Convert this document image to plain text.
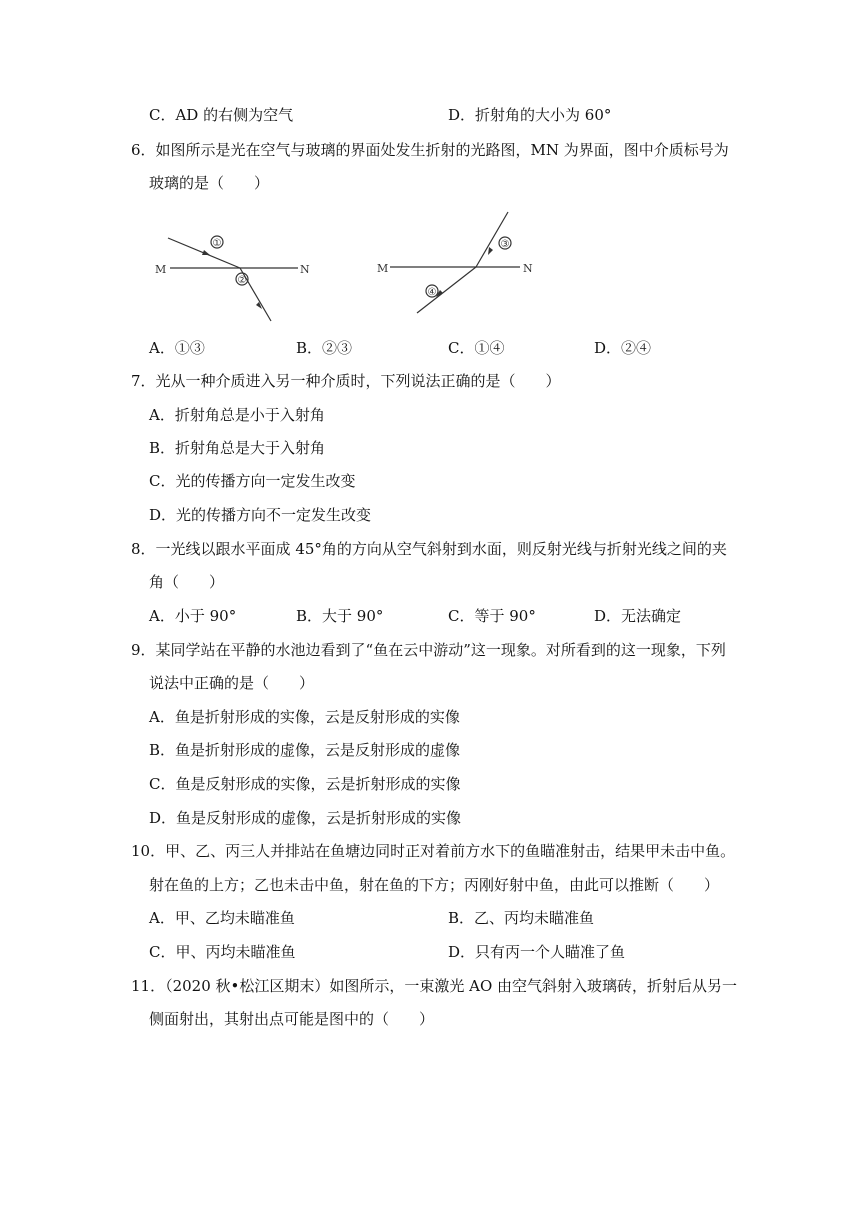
C．AD 的右侧为空气	D．折射角的大小为 60°
6．如图所示是光在空气与玻璃的界面处发生折射的光路图，MN 为界面，图中介质标号为
玻璃的是（　　）
M	N
①
②
M	N
③
④
A．①③	B．②③	C．①④	D．②④
7．光从一种介质进入另一种介质时，下列说法正确的是（　　）
A．折射角总是小于入射角
B．折射角总是大于入射角
C．光的传播方向一定发生改变
D．光的传播方向不一定发生改变
8．一光线以跟水平面成 45°角的方向从空气斜射到水面，则反射光线与折射光线之间的夹
角（　　）
A．小于 90°	B．大于 90°	C．等于 90°	D．无法确定
9．某同学站在平静的水池边看到了“鱼在云中游动”这一现象。对所看到的这一现象，下列
说法中正确的是（　　）
A．鱼是折射形成的实像，云是反射形成的实像
B．鱼是折射形成的虚像，云是反射形成的虚像
C．鱼是反射形成的实像，云是折射形成的实像
D．鱼是反射形成的虚像，云是折射形成的实像
10．甲、乙、丙三人并排站在鱼塘边同时正对着前方水下的鱼瞄准射击，结果甲未击中鱼。
射在鱼的上方；乙也未击中鱼，射在鱼的下方；丙刚好射中鱼，由此可以推断（　　）
A．甲、乙均未瞄准鱼	B．乙、丙均未瞄准鱼
C．甲、丙均未瞄准鱼	D．只有丙一个人瞄准了鱼
11．（2020 秋•松江区期末）如图所示，一束激光 AO 由空气斜射入玻璃砖，折射后从另一
侧面射出，其射出点可能是图中的（　　）
